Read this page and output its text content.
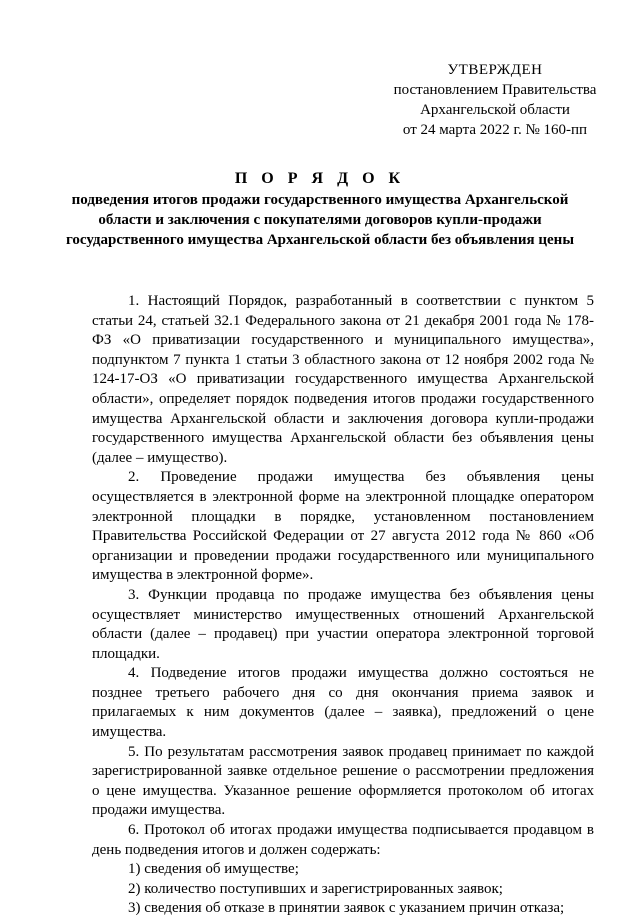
УТВЕРЖДЕН
постановлением Правительства
Архангельской области
от 24 марта 2022 г. № 160-пп
П О Р Я Д О К
подведения итогов продажи государственного имущества Архангельской области и заключения с покупателями договоров купли-продажи государственного имущества Архангельской области без объявления цены

1. Настоящий Порядок, разработанный в соответствии с пунктом 5 статьи 24, статьей 32.1 Федерального закона от 21 декабря 2001 года № 178-ФЗ «О приватизации государственного и муниципального имущества», подпунктом 7 пункта 1 статьи 3 областного закона от 12 ноября 2002 года № 124-17-ОЗ «О приватизации государственного имущества Архангельской области», определяет порядок подведения итогов продажи государственного имущества Архангельской области и заключения договора купли-продажи государственного имущества Архангельской области без объявления цены (далее – имущество).

2. Проведение продажи имущества без объявления цены осуществляется в электронной форме на электронной площадке оператором электронной площадки в порядке, установленном постановлением Правительства Российской Федерации от 27 августа 2012 года № 860 «Об организации и проведении продажи государственного или муниципального имущества в электронной форме».

3. Функции продавца по продаже имущества без объявления цены осуществляет министерство имущественных отношений Архангельской области (далее – продавец) при участии оператора электронной торговой площадки.

4. Подведение итогов продажи имущества должно состояться не позднее третьего рабочего дня со дня окончания приема заявок и прилагаемых к ним документов (далее – заявка), предложений о цене имущества.

5. По результатам рассмотрения заявок продавец принимает по каждой зарегистрированной заявке отдельное решение о рассмотрении предложения о цене имущества. Указанное решение оформляется протоколом об итогах продажи имущества.

6. Протокол об итогах продажи имущества подписывается продавцом в день подведения итогов и должен содержать:

1) сведения об имуществе;

2) количество поступивших и зарегистрированных заявок;

3) сведения об отказе в принятии заявок с указанием причин отказа;
